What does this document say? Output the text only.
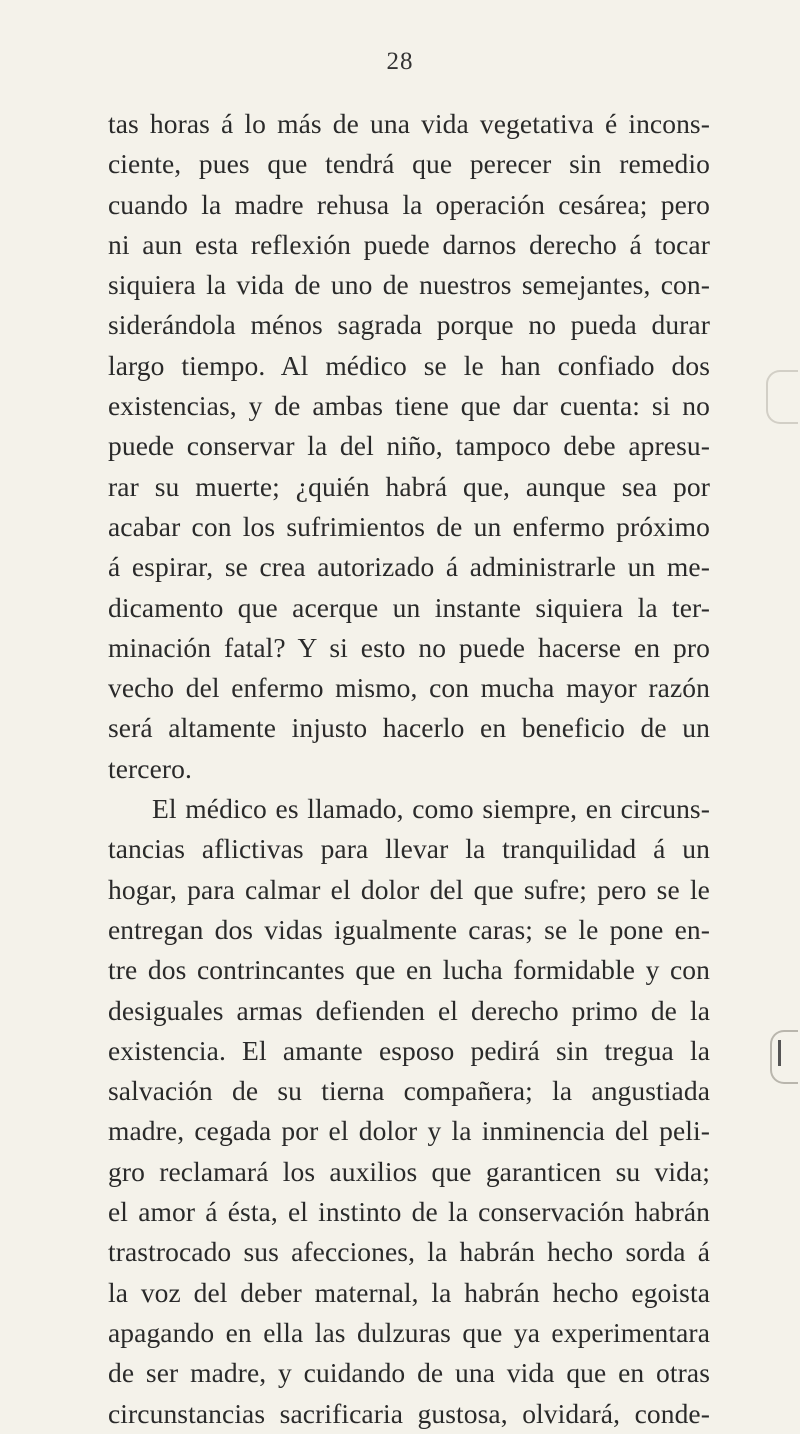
28
tas horas á lo más de una vida vegetativa é incons-
ciente, pues que tendrá que perecer sin remedio
cuando la madre rehusa la operación cesárea; pero
ni aun esta reflexión puede darnos derecho á tocar
siquiera la vida de uno de nuestros semejantes, con-
siderándola ménos sagrada porque no pueda durar
largo tiempo. Al médico se le han confiado dos
existencias, y de ambas tiene que dar cuenta: si no
puede conservar la del niño, tampoco debe apresu-
rar su muerte; ¿quién habrá que, aunque sea por
acabar con los sufrimientos de un enfermo próximo
á espirar, se crea autorizado á administrarle un me-
dicamento que acerque un instante siquiera la ter-
minación fatal? Y si esto no puede hacerse en pro
vecho del enfermo mismo, con mucha mayor razón
será altamente injusto hacerlo en beneficio de un
tercero.
El médico es llamado, como siempre, en circuns-
tancias aflictivas para llevar la tranquilidad á un
hogar, para calmar el dolor del que sufre; pero se le
entregan dos vidas igualmente caras; se le pone en-
tre dos contrincantes que en lucha formidable y con
desiguales armas defienden el derecho primo de la
existencia. El amante esposo pedirá sin tregua la
salvación de su tierna compañera; la angustiada
madre, cegada por el dolor y la inminencia del peli-
gro reclamará los auxilios que garanticen su vida;
el amor á ésta, el instinto de la conservación habrán
trastrocado sus afecciones, la habrán hecho sorda á
la voz del deber maternal, la habrán hecho egoista
apagando en ella las dulzuras que ya experimentara
de ser madre, y cuidando de una vida que en otras
circunstancias sacrificaria gustosa, olvidará, conde-
